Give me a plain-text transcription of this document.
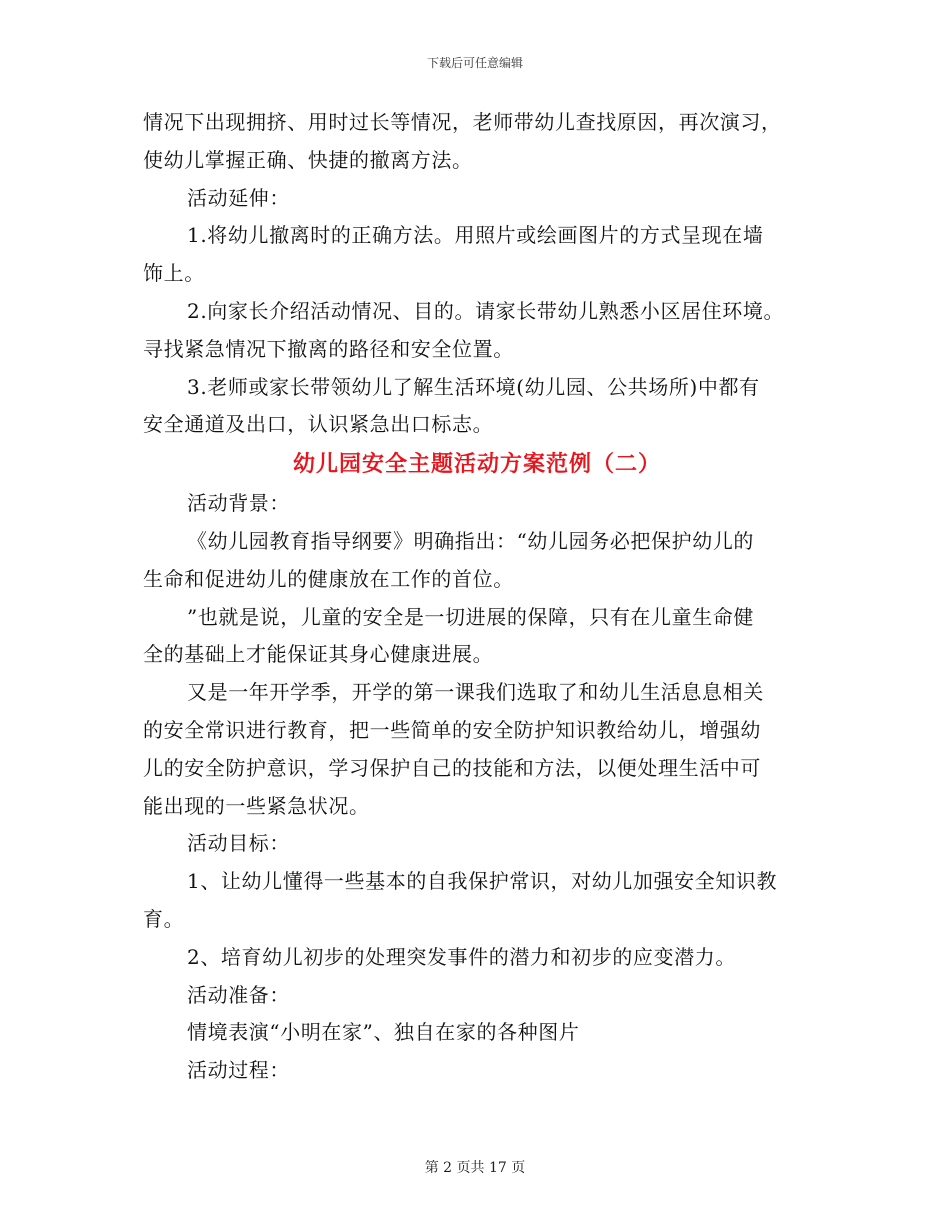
下载后可任意编辑
情况下出现拥挤、用时过长等情况，老师带幼儿查找原因，再次演习，
使幼儿掌握正确、快捷的撤离方法。
活动延伸：
1.将幼儿撤离时的正确方法。用照片或绘画图片的方式呈现在墙
饰上。
2.向家长介绍活动情况、目的。请家长带幼儿熟悉小区居住环境。
寻找紧急情况下撤离的路径和安全位置。
3.老师或家长带领幼儿了解生活环境(幼儿园、公共场所)中都有
安全通道及出口，认识紧急出口标志。
幼儿园安全主题活动方案范例（二）
活动背景：
《幼儿园教育指导纲要》明确指出：“幼儿园务必把保护幼儿的
生命和促进幼儿的健康放在工作的首位。
”也就是说，儿童的安全是一切进展的保障，只有在儿童生命健
全的基础上才能保证其身心健康进展。
又是一年开学季，开学的第一课我们选取了和幼儿生活息息相关
的安全常识进行教育，把一些简单的安全防护知识教给幼儿，增强幼
儿的安全防护意识，学习保护自己的技能和方法，以便处理生活中可
能出现的一些紧急状况。
活动目标：
1、让幼儿懂得一些基本的自我保护常识，对幼儿加强安全知识教
育。
2、培育幼儿初步的处理突发事件的潜力和初步的应变潜力。
活动准备：
情境表演“小明在家”、独自在家的各种图片
活动过程：
第 2 页共 17 页
